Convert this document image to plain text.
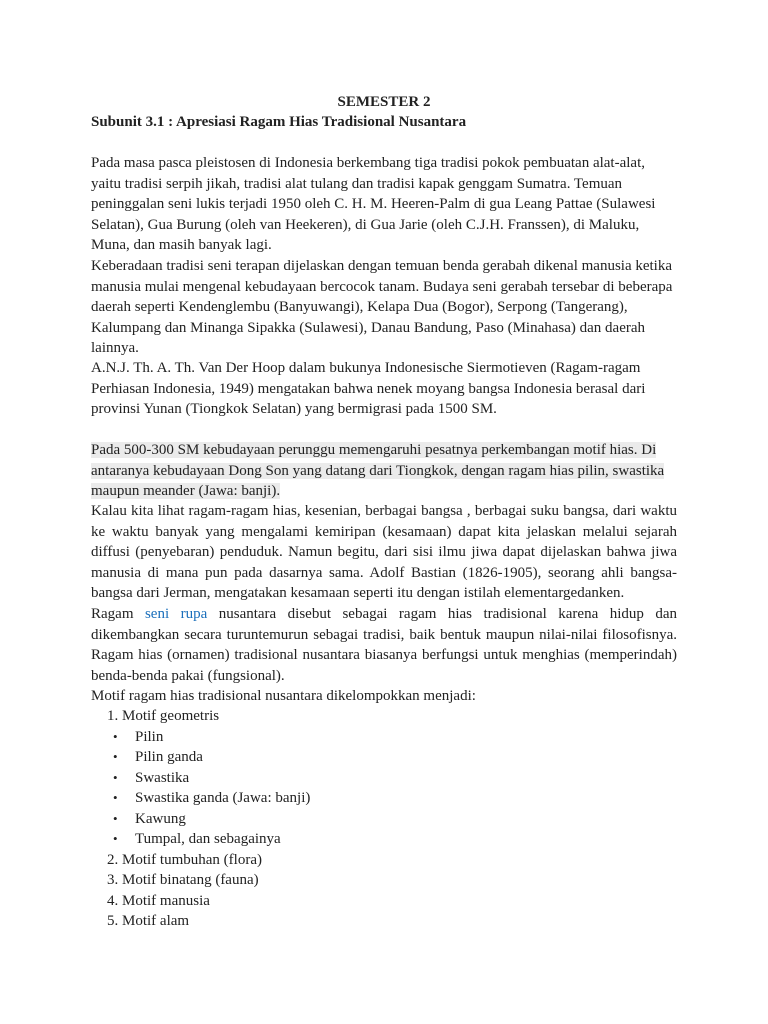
SEMESTER 2
Subunit 3.1 : Apresiasi Ragam Hias Tradisional Nusantara

Pada masa pasca pleistosen di Indonesia berkembang tiga tradisi pokok pembuatan alat-alat, yaitu tradisi serpih jikah, tradisi alat tulang dan tradisi kapak genggam Sumatra. Temuan peninggalan seni lukis terjadi 1950 oleh C. H. M. Heeren-Palm di gua Leang Pattae (Sulawesi Selatan), Gua Burung (oleh van Heekeren), di Gua Jarie (oleh C.J.H. Franssen), di Maluku, Muna, dan masih banyak lagi.

Keberadaan tradisi seni terapan dijelaskan dengan temuan benda gerabah dikenal manusia ketika manusia mulai mengenal kebudayaan bercocok tanam. Budaya seni gerabah tersebar di beberapa daerah seperti Kendenglembu (Banyuwangi), Kelapa Dua (Bogor), Serpong (Tangerang), Kalumpang dan Minanga Sipakka (Sulawesi), Danau Bandung, Paso (Minahasa) dan daerah lainnya.

A.N.J. Th. A. Th. Van Der Hoop dalam bukunya Indonesische Siermotieven (Ragam-ragam Perhiasan Indonesia, 1949) mengatakan bahwa nenek moyang bangsa Indonesia berasal dari provinsi Yunan (Tiongkok Selatan) yang bermigrasi pada 1500 SM.

Pada 500-300 SM kebudayaan perunggu memengaruhi pesatnya perkembangan motif hias. Di antaranya kebudayaan Dong Son yang datang dari Tiongkok, dengan ragam hias pilin, swastika maupun meander (Jawa: banji).

Kalau kita lihat ragam-ragam hias, kesenian, berbagai bangsa , berbagai suku bangsa, dari waktu ke waktu banyak yang mengalami kemiripan (kesamaan) dapat kita jelaskan melalui sejarah diffusi (penyebaran) penduduk. Namun begitu, dari sisi ilmu jiwa dapat dijelaskan bahwa jiwa manusia di mana pun pada dasarnya sama. Adolf Bastian (1826-1905), seorang ahli bangsa-bangsa dari Jerman, mengatakan kesamaan seperti itu dengan istilah elementargedanken.

Ragam seni rupa nusantara disebut sebagai ragam hias tradisional karena hidup dan dikembangkan secara turuntemurun sebagai tradisi, baik bentuk maupun nilai-nilai filosofisnya. Ragam hias (ornamen) tradisional nusantara biasanya berfungsi untuk menghias (memperindah) benda-benda pakai (fungsional).

Motif ragam hias tradisional nusantara dikelompokkan menjadi:

1. Motif geometris
• Pilin
• Pilin ganda
• Swastika
• Swastika ganda (Jawa: banji)
• Kawung
• Tumpal, dan sebagainya
2. Motif tumbuhan (flora)
3. Motif binatang (fauna)
4. Motif manusia
5. Motif alam
